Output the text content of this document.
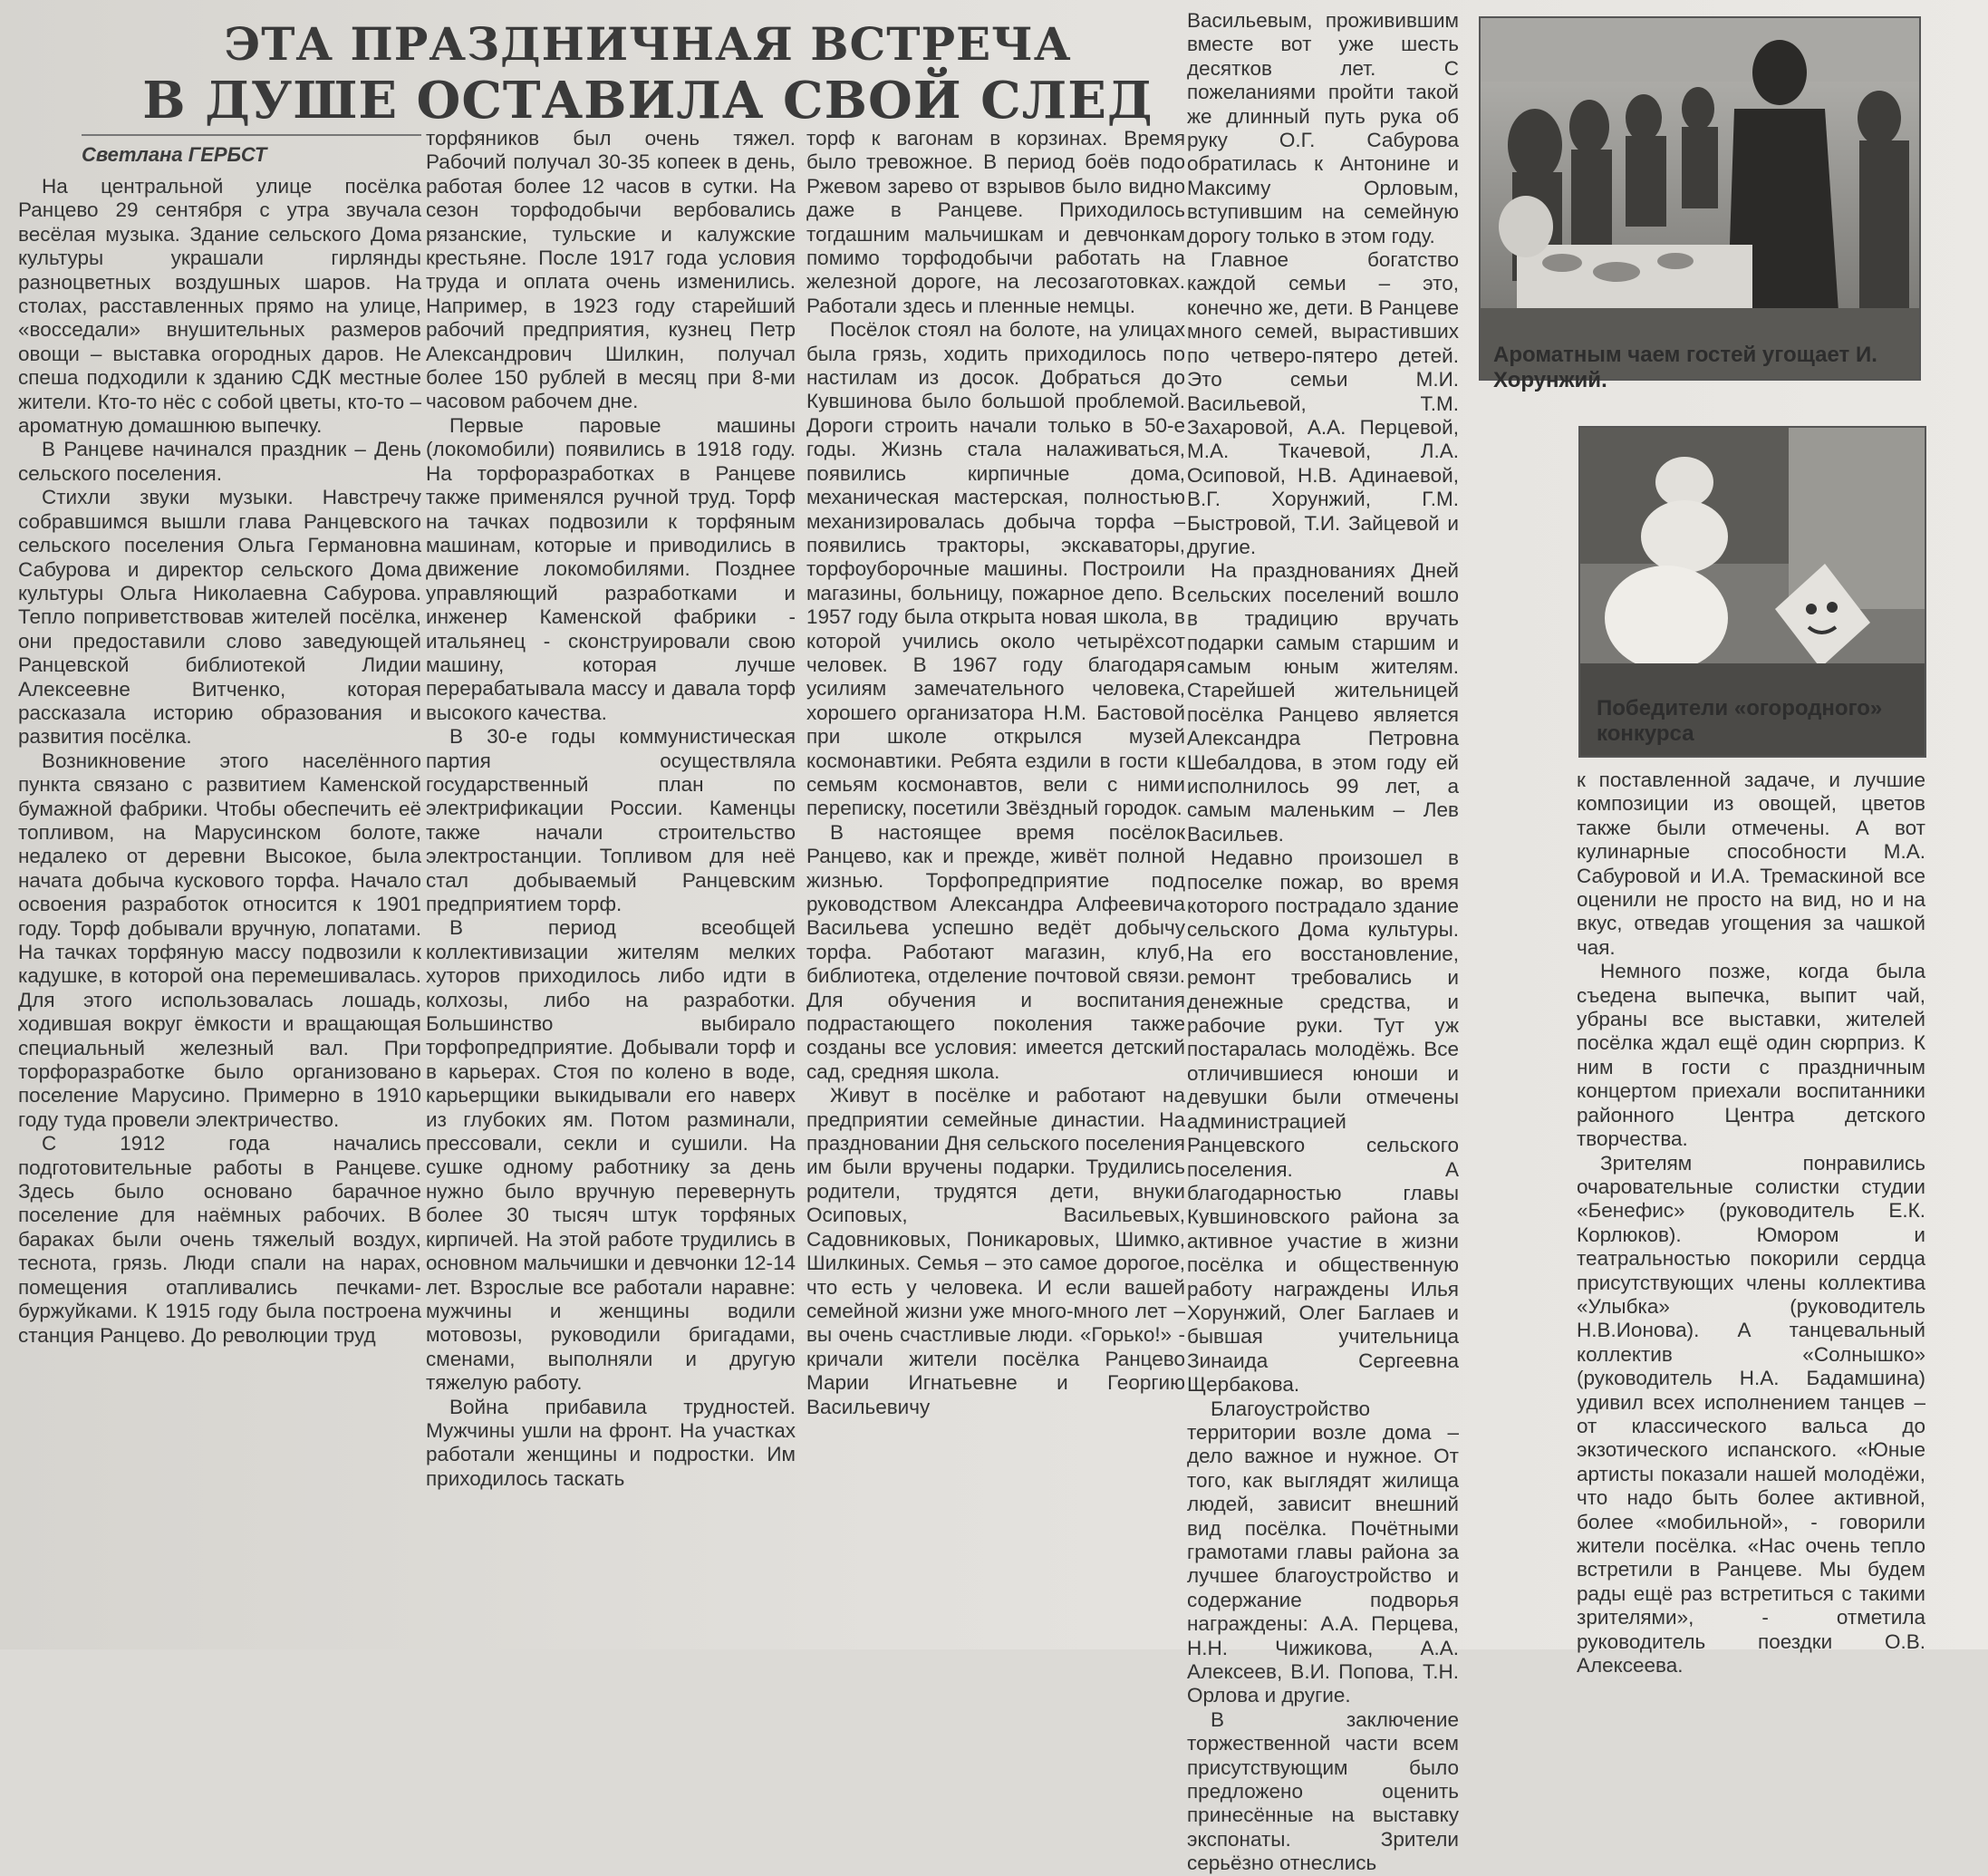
ЭТА ПРАЗДНИЧНАЯ ВСТРЕЧА
В ДУШЕ ОСТАВИЛА СВОЙ СЛЕД
Светлана ГЕРБСТ

На центральной улице посёлка Ранцево 29 сентября с утра звучала весёлая музыка. Здание сельского Дома культуры украшали гирлянды разноцветных воздушных шаров. На столах, расставленных прямо на улице, «восседали» внушительных размеров овощи – выставка огородных даров. Не спеша подходили к зданию СДК местные жители. Кто-то нёс с собой цветы, кто-то – ароматную домашнюю выпечку.

В Ранцеве начинался праздник – День сельского поселения.

Стихли звуки музыки. Навстречу собравшимся вышли глава Ранцевского сельского поселения Ольга Германовна Сабурова и директор сельского Дома культуры Ольга Николаевна Сабурова. Тепло поприветствовав жителей посёлка, они предоставили слово заведующей Ранцевской библиотекой Лидии Алексеевне Витченко, которая рассказала историю образования и развития посёлка.

Возникновение этого населённого пункта связано с развитием Каменской бумажной фабрики. Чтобы обеспечить её топливом, на Марусинском болоте, недалеко от деревни Высокое, была начата добыча кускового торфа. Начало освоения разработок относится к 1901 году. Торф добывали вручную, лопатами. На тачках торфяную массу подвозили к кадушке, в которой она перемешивалась. Для этого использовалась лошадь, ходившая вокруг ёмкости и вращающая специальный железный вал. При торфоразработке было организовано поселение Марусино. Примерно в 1910 году туда провели электричество.

С 1912 года начались подготовительные работы в Ранцеве. Здесь было основано барачное поселение для наёмных рабочих. В бараках были очень тяжелый воздух, теснота, грязь. Люди спали на нарах, помещения отапливались печками-буржуйками. К 1915 году была построена станция Ранцево. До революции труд

торфяников был очень тяжел. Рабочий получал 30-35 копеек в день, работая более 12 часов в сутки. На сезон торфодобычи вербовались рязанские, тульские и калужские крестьяне. После 1917 года условия труда и оплата очень изменились. Например, в 1923 году старейший рабочий предприятия, кузнец Петр Александрович Шилкин, получал более 150 рублей в месяц при 8-ми часовом рабочем дне.

Первые паровые машины (локомобили) появились в 1918 году. На торфоразработках в Ранцеве также применялся ручной труд. Торф на тачках подвозили к торфяным машинам, которые и приводились в движение локомобилями. Позднее управляющий разработками и инженер Каменской фабрики - итальянец - сконструировали свою машину, которая лучше перерабатывала массу и давала торф высокого качества.

В 30-е годы коммунистическая партия осуществляла государственный план по электрификации России. Каменцы также начали строительство электростанции. Топливом для неё стал добываемый Ранцевским предприятием торф.

В период всеобщей коллективизации жителям мелких хуторов приходилось либо идти в колхозы, либо на разработки. Большинство выбирало торфопредприятие. Добывали торф и в карьерах. Стоя по колено в воде, карьерщики выкидывали его наверх из глубоких ям. Потом разминали, прессовали, секли и сушили. На сушке одному работнику за день нужно было вручную перевернуть более 30 тысяч штук торфяных кирпичей. На этой работе трудились в основном мальчишки и девчонки 12-14 лет. Взрослые все работали наравне: мужчины и женщины водили мотовозы, руководили бригадами, сменами, выполняли и другую тяжелую работу.

Война прибавила трудностей. Мужчины ушли на фронт. На участках работали женщины и подростки. Им приходилось таскать

торф к вагонам в корзинах. Время было тревожное. В период боёв подо Ржевом зарево от взрывов было видно даже в Ранцеве. Приходилось тогдашним мальчишкам и девчонкам помимо торфодобычи работать на железной дороге, на лесозаготовках. Работали здесь и пленные немцы.

Посёлок стоял на болоте, на улицах была грязь, ходить приходилось по настилам из досок. Добраться до Кувшинова было большой проблемой. Дороги строить начали только в 50-е годы. Жизнь стала налаживаться, появились кирпичные дома, механическая мастерская, полностью механизировалась добыча торфа – появились тракторы, экскаваторы, торфоуборочные машины. Построили магазины, больницу, пожарное депо. В 1957 году была открыта новая школа, в которой учились около четырёхсот человек. В 1967 году благодаря усилиям замечательного человека, хорошего организатора Н.М. Бастовой при школе открылся музей космонавтики. Ребята ездили в гости к семьям космонавтов, вели с ними переписку, посетили Звёздный городок.

В настоящее время посёлок Ранцево, как и прежде, живёт полной жизнью. Торфопредприятие под руководством Александра Алфеевича Васильева успешно ведёт добычу торфа. Работают магазин, клуб, библиотека, отделение почтовой связи. Для обучения и воспитания подрастающего поколения также созданы все условия: имеется детский сад, средняя школа.

Живут в посёлке и работают на предприятии семейные династии. На праздновании Дня сельского поселения им были вручены подарки. Трудились родители, трудятся дети, внуки Осиповых, Васильевых, Садовниковых, Поникаровых, Шимко, Шилкиных. Семья – это самое дорогое, что есть у человека. И если вашей семейной жизни уже много-много лет – вы очень счастливые люди. «Горько!» - кричали жители посёлка Ранцево Марии Игнатьевне и Георгию Васильевичу

Васильевым, проживившим вместе вот уже шесть десятков лет. С пожеланиями пройти такой же длинный путь рука об руку О.Г. Сабурова обратилась к Антонине и Максиму Орловым, вступившим на семейную дорогу только в этом году.

Главное богатство каждой семьи – это, конечно же, дети. В Ранцеве много семей, вырастивших по четверо-пятеро детей. Это семьи М.И. Васильевой, Т.М. Захаровой, А.А. Перцевой, М.А. Ткачевой, Л.А. Осиповой, Н.В. Адинаевой, В.Г. Хорунжий, Г.М. Быстровой, Т.И. Зайцевой и другие.

На празднованиях Дней сельских поселений вошло в традицию вручать подарки самым старшим и самым юным жителям. Старейшей жительницей посёлка Ранцево является Александра Петровна Шебалдова, в этом году ей исполнилось 99 лет, а самым маленьким – Лев Васильев.

Недавно произошел в поселке пожар, во время которого пострадало здание сельского Дома культуры. На его восстановление, ремонт требовались и денежные средства, и рабочие руки. Тут уж постаралась молодёжь. Все отличившиеся юноши и девушки были отмечены администрацией Ранцевского сельского поселения. А благодарностью главы Кувшиновского района за активное участие в жизни посёлка и общественную работу награждены Илья Хорунжий, Олег Баглаев и бывшая учительница Зинаида Сергеевна Щербакова.

Благоустройство территории возле дома – дело важное и нужное. От того, как выглядят жилища людей, зависит внешний вид посёлка. Почётными грамотами главы района за лучшее благоустройство и содержание подворья награждены: А.А. Перцева, Н.Н. Чижикова, А.А. Алексеев, В.И. Попова, Т.Н. Орлова и другие.

В заключение торжественной части всем присутствующим было предложено оценить принесённые на выставку экспонаты. Зрители серьёзно отнеслись

Ароматным чаем гостей угощает И. Хорунжий.
Победители «огородного» конкурса

к поставленной задаче, и лучшие композиции из овощей, цветов также были отмечены. А вот кулинарные способности М.А. Сабуровой и И.А. Тремаскиной все оценили не просто на вид, но и на вкус, отведав угощения за чашкой чая.

Немного позже, когда была съедена выпечка, выпит чай, убраны все выставки, жителей посёлка ждал ещё один сюрприз. К ним в гости с праздничным концертом приехали воспитанники районного Центра детского творчества.

Зрителям понравились очаровательные солистки студии «Бенефис» (руководитель Е.К. Корлюков). Юмором и театральностью покорили сердца присутствующих члены коллектива «Улыбка» (руководитель Н.В.Ионова). А танцевальный коллектив «Солнышко» (руководитель Н.А. Бадамшина) удивил всех исполнением танцев – от классического вальса до экзотического испанского. «Юные артисты показали нашей молодёжи, что надо быть более активной, более «мобильной», - говорили жители посёлка. «Нас очень тепло встретили в Ранцеве. Мы будем рады ещё раз встретиться с такими зрителями», - отметила руководитель поездки О.В. Алексеева.
